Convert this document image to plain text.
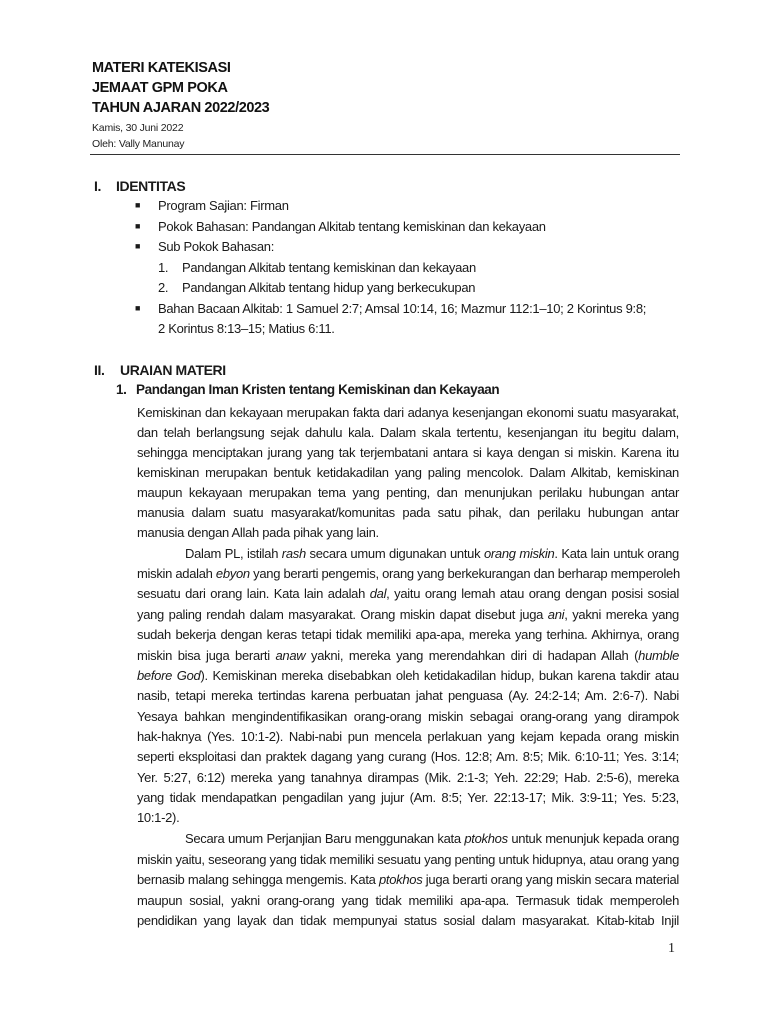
MATERI KATEKISASI
JEMAAT GPM POKA
TAHUN AJARAN 2022/2023
Kamis, 30 Juni 2022
Oleh: Vally Manunay
I. IDENTITAS
■ Program Sajian: Firman
■ Pokok Bahasan: Pandangan Alkitab tentang kemiskinan dan kekayaan
■ Sub Pokok Bahasan:
1. Pandangan Alkitab tentang kemiskinan dan kekayaan
2. Pandangan Alkitab tentang hidup yang berkecukupan
■ Bahan Bacaan Alkitab: 1 Samuel 2:7; Amsal 10:14, 16; Mazmur 112:1–10; 2 Korintus 9:8;
2 Korintus 8:13–15; Matius 6:11.
II. URAIAN MATERI
1. Pandangan Iman Kristen tentang Kemiskinan dan Kekayaan
Kemiskinan dan kekayaan merupakan fakta dari adanya kesenjangan ekonomi suatu masyarakat,
dan telah berlangsung sejak dahulu kala. Dalam skala tertentu, kesenjangan itu begitu dalam,
sehingga menciptakan jurang yang tak terjembatani antara si kaya dengan si miskin. Karena itu
kemiskinan merupakan bentuk ketidakadilan yang paling mencolok. Dalam Alkitab, kemiskinan
maupun kekayaan merupakan tema yang penting, dan menunjukan perilaku hubungan antar
manusia dalam suatu masyarakat/komunitas pada satu pihak, dan perilaku hubungan antar
manusia dengan Allah pada pihak yang lain.
Dalam PL, istilah rash secara umum digunakan untuk orang miskin. Kata lain untuk orang
miskin adalah ebyon yang berarti pengemis, orang yang berkekurangan dan berharap memperoleh
sesuatu dari orang lain. Kata lain adalah dal, yaitu orang lemah atau orang dengan posisi sosial
yang paling rendah dalam masyarakat. Orang miskin dapat disebut juga ani, yakni mereka yang
sudah bekerja dengan keras tetapi tidak memiliki apa-apa, mereka yang terhina. Akhirnya, orang
miskin bisa juga berarti anaw yakni, mereka yang merendahkan diri di hadapan Allah (humble
before God). Kemiskinan mereka disebabkan oleh ketidakadilan hidup, bukan karena takdir atau
nasib, tetapi mereka tertindas karena perbuatan jahat penguasa (Ay. 24:2-14; Am. 2:6-7). Nabi
Yesaya bahkan mengindentifikasikan orang-orang miskin sebagai orang-orang yang dirampok
hak-haknya (Yes. 10:1-2). Nabi-nabi pun mencela perlakuan yang kejam kepada orang miskin
seperti eksploitasi dan praktek dagang yang curang (Hos. 12:8; Am. 8:5; Mik. 6:10-11; Yes. 3:14;
Yer. 5:27, 6:12) mereka yang tanahnya dirampas (Mik. 2:1-3; Yeh. 22:29; Hab. 2:5-6), mereka
yang tidak mendapatkan pengadilan yang jujur (Am. 8:5; Yer. 22:13-17; Mik. 3:9-11; Yes. 5:23,
10:1-2).
Secara umum Perjanjian Baru menggunakan kata ptokhos untuk menunjuk kepada orang
miskin yaitu, seseorang yang tidak memiliki sesuatu yang penting untuk hidupnya, atau orang yang
bernasib malang sehingga mengemis. Kata ptokhos juga berarti orang yang miskin secara material
maupun sosial, yakni orang-orang yang tidak memiliki apa-apa. Termasuk tidak memperoleh
pendidikan yang layak dan tidak mempunyai status sosial dalam masyarakat. Kitab-kitab Injil
1
